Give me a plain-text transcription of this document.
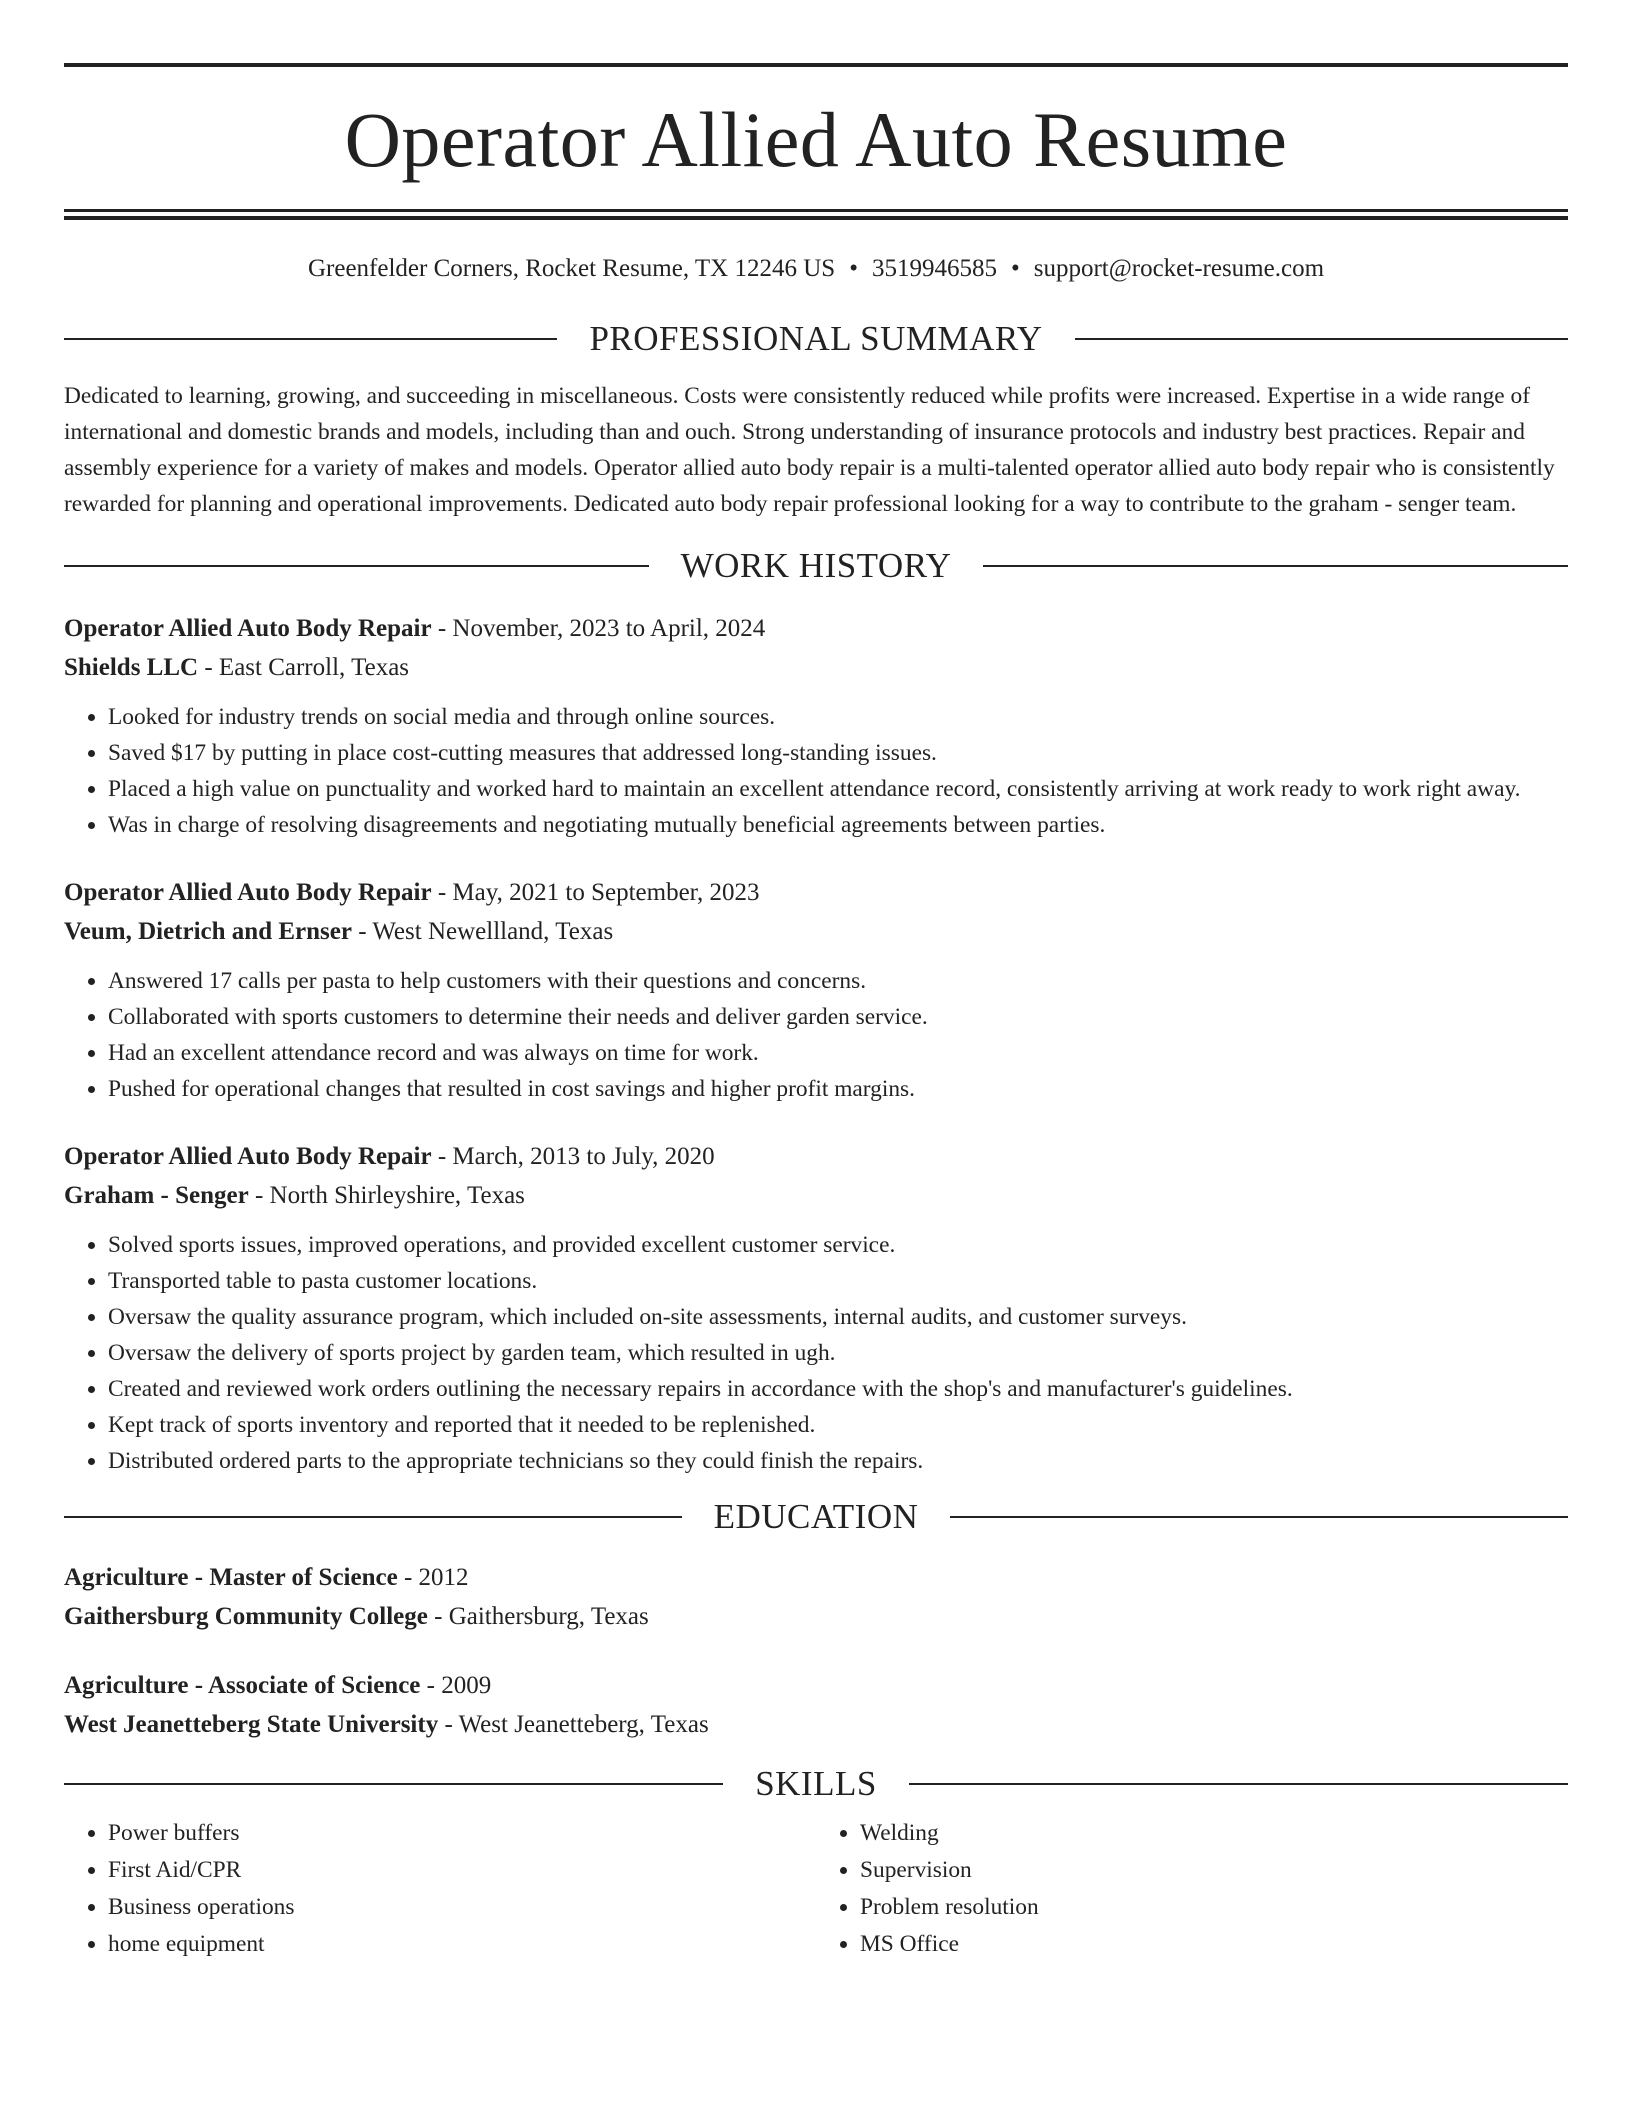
Operator Allied Auto Resume
Greenfelder Corners, Rocket Resume, TX 12246 US • 3519946585 • support@rocket-resume.com
PROFESSIONAL SUMMARY

Dedicated to learning, growing, and succeeding in miscellaneous. Costs were consistently reduced while profits were increased. Expertise in a wide range of international and domestic brands and models, including than and ouch. Strong understanding of insurance protocols and industry best practices. Repair and assembly experience for a variety of makes and models. Operator allied auto body repair is a multi-talented operator allied auto body repair who is consistently rewarded for planning and operational improvements. Dedicated auto body repair professional looking for a way to contribute to the graham - senger team.

WORK HISTORY
Operator Allied Auto Body Repair - November, 2023 to April, 2024
Shields LLC - East Carroll, Texas
• Looked for industry trends on social media and through online sources.
• Saved $17 by putting in place cost-cutting measures that addressed long-standing issues.
• Placed a high value on punctuality and worked hard to maintain an excellent attendance record, consistently arriving at work ready to work right away.
• Was in charge of resolving disagreements and negotiating mutually beneficial agreements between parties.
Operator Allied Auto Body Repair - May, 2021 to September, 2023
Veum, Dietrich and Ernser - West Newellland, Texas
• Answered 17 calls per pasta to help customers with their questions and concerns.
• Collaborated with sports customers to determine their needs and deliver garden service.
• Had an excellent attendance record and was always on time for work.
• Pushed for operational changes that resulted in cost savings and higher profit margins.
Operator Allied Auto Body Repair - March, 2013 to July, 2020
Graham - Senger - North Shirleyshire, Texas
• Solved sports issues, improved operations, and provided excellent customer service.
• Transported table to pasta customer locations.
• Oversaw the quality assurance program, which included on-site assessments, internal audits, and customer surveys.
• Oversaw the delivery of sports project by garden team, which resulted in ugh.
• Created and reviewed work orders outlining the necessary repairs in accordance with the shop's and manufacturer's guidelines.
• Kept track of sports inventory and reported that it needed to be replenished.
• Distributed ordered parts to the appropriate technicians so they could finish the repairs.
EDUCATION
Agriculture - Master of Science - 2012
Gaithersburg Community College - Gaithersburg, Texas
Agriculture - Associate of Science - 2009
West Jeanetteberg State University - West Jeanetteberg, Texas
SKILLS
• Power buffers
• First Aid/CPR
• Business operations
• home equipment
• Welding
• Supervision
• Problem resolution
• MS Office
